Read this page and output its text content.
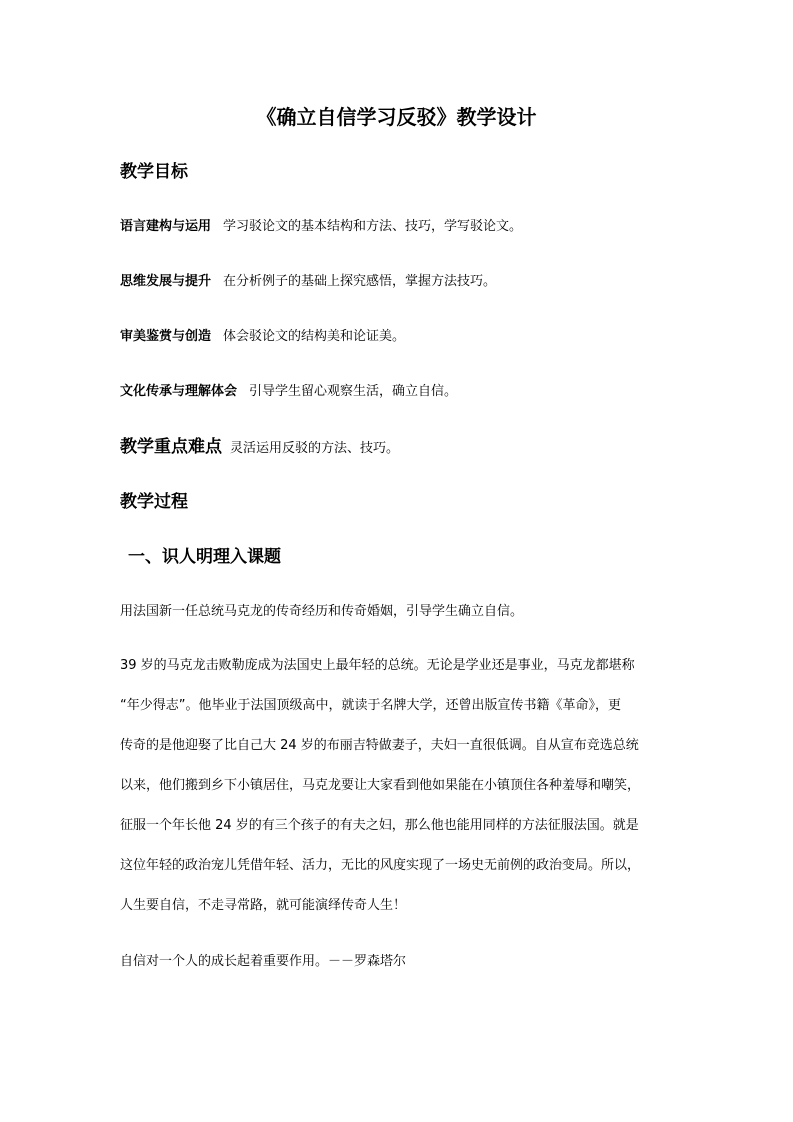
《确立自信学习反驳》教学设计
教学目标
语言建构与运用 学习驳论文的基本结构和方法、技巧，学写驳论文。
思维发展与提升 在分析例子的基础上探究感悟，掌握方法技巧。
审美鉴赏与创造 体会驳论文的结构美和论证美。
文化传承与理解体会 引导学生留心观察生活，确立自信。
教学重点难点 灵活运用反驳的方法、技巧。
教学过程
一、识人明理入课题
用法国新一任总统马克龙的传奇经历和传奇婚姻，引导学生确立自信。
39 岁的马克龙击败勒庞成为法国史上最年轻的总统。无论是学业还是事业，马克龙都堪称
“年少得志”。他毕业于法国顶级高中，就读于名牌大学，还曾出版宣传书籍《革命》，更
传奇的是他迎娶了比自己大 24 岁的布丽吉特做妻子，夫妇一直很低调。自从宣布竞选总统
以来，他们搬到乡下小镇居住，马克龙要让大家看到他如果能在小镇顶住各种羞辱和嘲笑，
征服一个年长他 24 岁的有三个孩子的有夫之妇，那么他也能用同样的方法征服法国。就是
这位年轻的政治宠儿凭借年轻、活力，无比的风度实现了一场史无前例的政治变局。所以，
人生要自信，不走寻常路，就可能演绎传奇人生！
自信对一个人的成长起着重要作用。－－罗森塔尔
